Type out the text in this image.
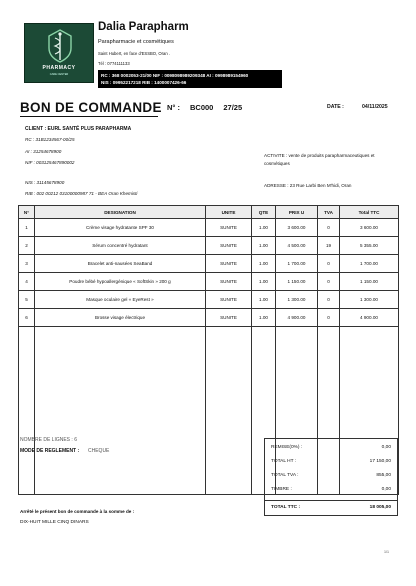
PHARMACY
CARE CENTER
Dalia Parapharm
Parapharmacie et cosmétiques
Saint Hubert, en face d'ESSBO, Oran .
Tél : 0774111133
RC : 368 0002053-21/00 NIF : 0098098989209348 AI : 0998989154960
NIS : 09952217218 RIB : 1400007426-66
BON DE COMMANDE N° : BC000 27/25	DATE :	04/11/2025
CLIENT : EURL SANTÉ PLUS PARAPHARMA
RC : 31B1234567-00/25
AI : 31254678900
NIF : 003125467890002
NIS : 31145678900
RIB : 002 00212 03100000987 71 - BEA Oran Khemisti
ACTIVITE : vente de produits parapharmaceutiques et cosmétiques
ADRESSE : 23 Rue Larbi Ben M'hidi, Oran
N°	DESIGNATION	UNITE	QTE	PRIX U	TVA	Total TTC
1	Crème visage hydratante SPF 30	SUNITE	1.00	3 600.00	0	3 600.00
2	Sérum concentré hydratant	SUNITE	1.00	4 500.00	19	5 355.00
3	Bracelet anti-nausées SeaBand	SUNITE	1.00	1 700.00	0	1 700.00
4	Poudre bébé hypoallergénique « SoftSkin » 200 g	SUNITE	1.00	1 150.00	0	1 150.00
5	Masque oculaire gel « EyeRest »	SUNITE	1.00	1 300.00	0	1 300.00
6	Brosse visage électrique	SUNITE	1.00	4 900.00	0	4 900.00

NOMBRE DE LIGNES : 6
MODE DE REGLEMENT : CHEQUE
REMISE(0%) :	0,00
TOTAL HT :	17 150,00
TOTAL TVA :	855,00
TIMBRE :	0,00
TOTAL TTC :	18 005,00
Arrêté le présent bon de commande à la somme de :
DIX-HUIT MILLE CINQ DINARS
1/1
